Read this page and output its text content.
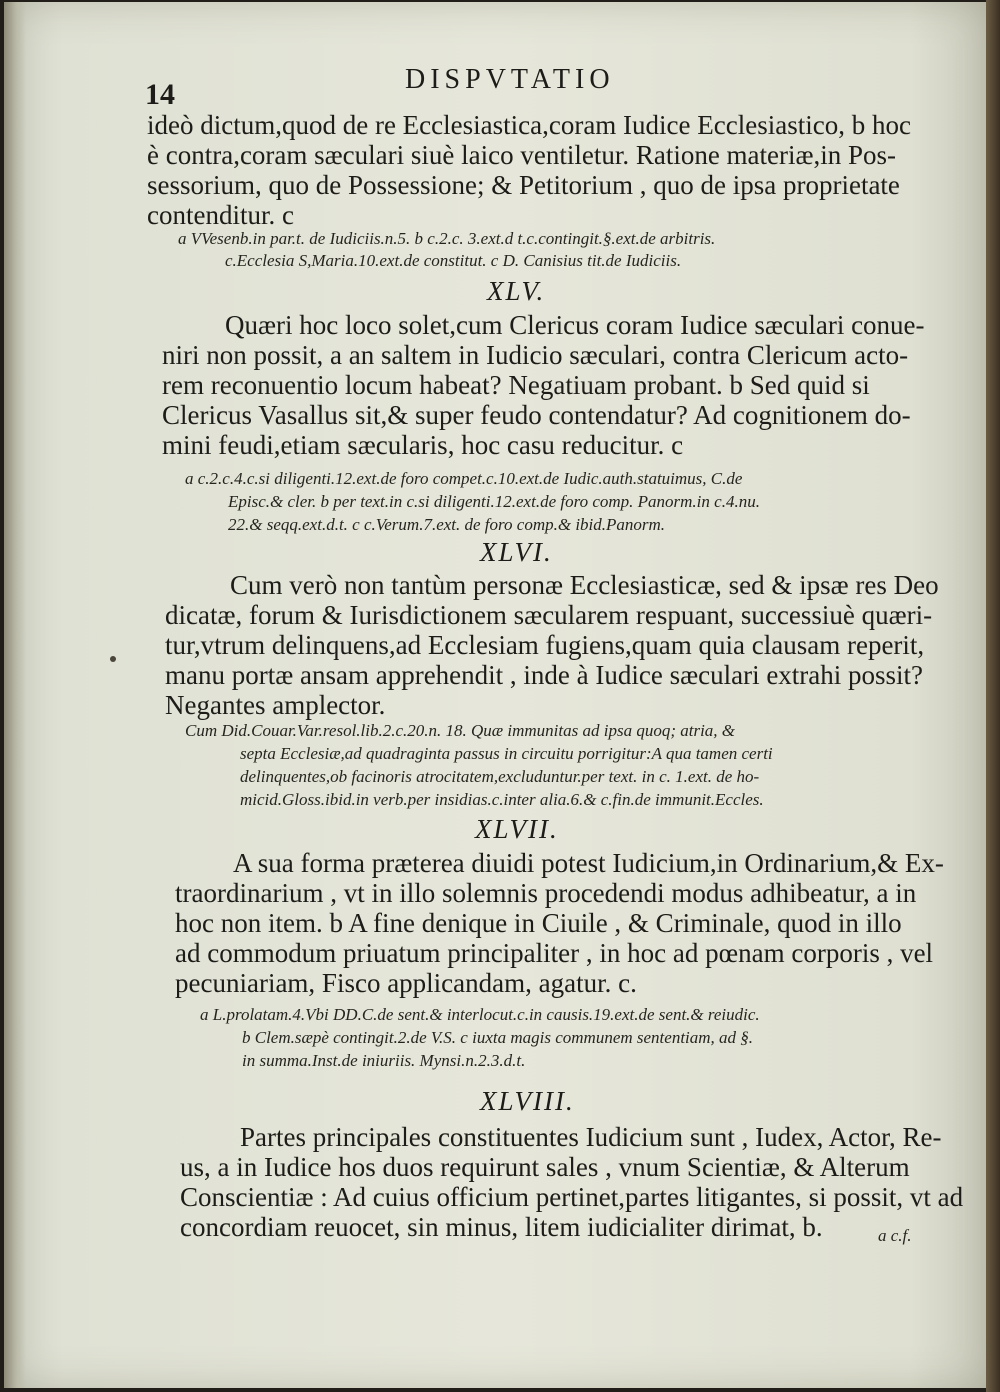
14	DISPVTATIO
ideò dictum,quod de re Ecclesiastica,coram Iudice Ecclesiastico, b hoc
è contra,coram sæculari siuè laico ventiletur. Ratione materiæ,in Pos-
sessorium, quo de Possessione; & Petitorium , quo de ipsa proprietate
contenditur. c
a VVesenb.in par.t. de Iudiciis.n.5. b c.2.c. 3.ext.d t.c.contingit.§.ext.de arbitris.
c.Ecclesia S,Maria.10.ext.de constitut. c D. Canisius tit.de Iudiciis.
XLV.
Quæri hoc loco solet,cum Clericus coram Iudice sæculari conue-
niri non possit, a an saltem in Iudicio sæculari, contra Clericum acto-
rem reconuentio locum habeat? Negatiuam probant. b Sed quid si
Clericus Vasallus sit,& super feudo contendatur? Ad cognitionem do-
mini feudi,etiam sæcularis, hoc casu reducitur. c
a c.2.c.4.c.si diligenti.12.ext.de foro compet.c.10.ext.de Iudic.auth.statuimus, C.de
Episc.& cler. b per text.in c.si diligenti.12.ext.de foro comp. Panorm.in c.4.nu.
22.& seqq.ext.d.t. c c.Verum.7.ext. de foro comp.& ibid.Panorm.
XLVI.
Cum verò non tantùm personæ Ecclesiasticæ, sed & ipsæ res Deo
dicatæ, forum & Iurisdictionem sæcularem respuant, successiuè quæri-
tur,vtrum delinquens,ad Ecclesiam fugiens,quam quia clausam reperit,
manu portæ ansam apprehendit , inde à Iudice sæculari extrahi possit?
Negantes amplector.
Cum Did.Couar.Var.resol.lib.2.c.20.n. 18. Quæ immunitas ad ipsa quoq; atria, &
septa Ecclesiæ,ad quadraginta passus in circuitu porrigitur:A qua tamen certi
delinquentes,ob facinoris atrocitatem,excluduntur.per text. in c. 1.ext. de ho-
micid.Gloss.ibid.in verb.per insidias.c.inter alia.6.& c.fin.de immunit.Eccles.
XLVII.
A sua forma præterea diuidi potest Iudicium,in Ordinarium,& Ex-
traordinarium , vt in illo solemnis procedendi modus adhibeatur, a in
hoc non item. b A fine denique in Ciuile , & Criminale, quod in illo
ad commodum priuatum principaliter , in hoc ad pœnam corporis , vel
pecuniariam, Fisco applicandam, agatur. c.
a L.prolatam.4.Vbi DD.C.de sent.& interlocut.c.in causis.19.ext.de sent.& reiudic.
b Clem.sæpè contingit.2.de V.S. c iuxta magis communem sententiam, ad §.
in summa.Inst.de iniuriis. Mynsi.n.2.3.d.t.
XLVIII.
Partes principales constituentes Iudicium sunt , Iudex, Actor, Re-
us, a in Iudice hos duos requirunt sales , vnum Scientiæ, & Alterum
Conscientiæ : Ad cuius officium pertinet,partes litigantes, si possit, vt ad
concordiam reuocet, sin minus, litem iudicialiter dirimat, b.	a c.f.
